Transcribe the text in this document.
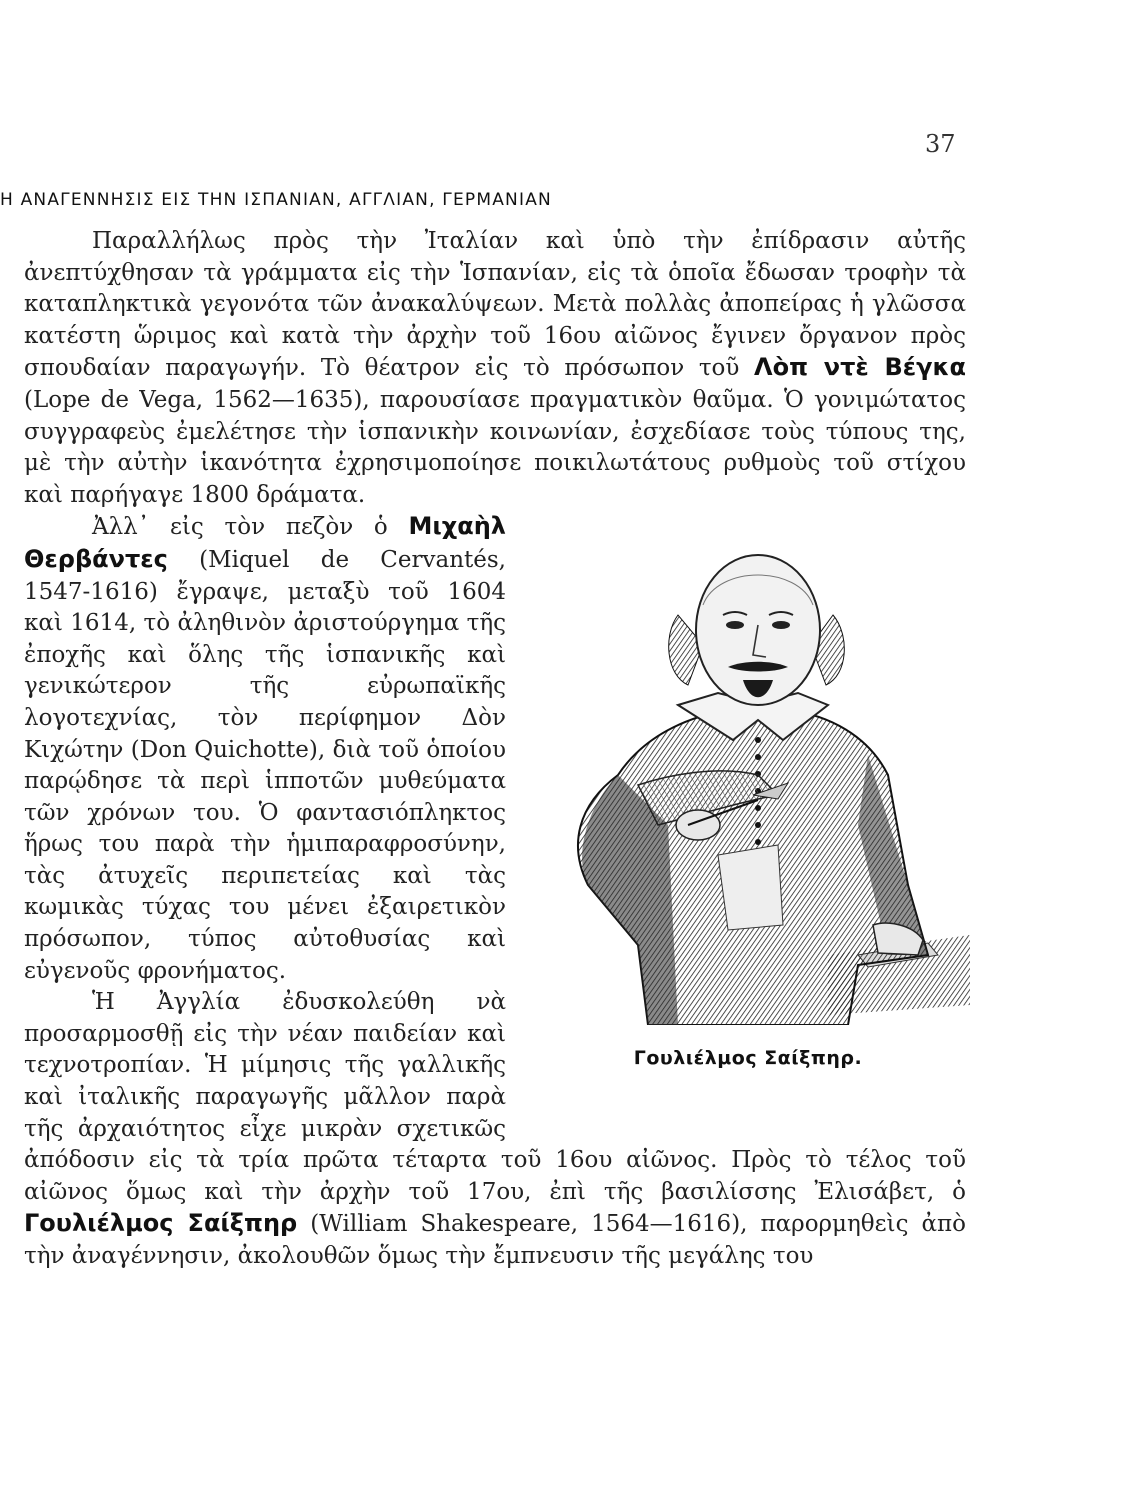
37
Η ΑΝΑΓΕΝΝΗΣΙΣ ΕΙΣ ΤΗΝ ΙΣΠΑΝΙΑΝ, ΑΓΓΛΙΑΝ, ΓΕΡΜΑΝΙΑΝ

Παραλλήλως πρὸς τὴν Ἰταλίαν καὶ ὑπὸ τὴν ἐπίδρασιν αὐτῆς ἀνεπτύχθησαν τὰ γράμματα εἰς τὴν Ἱσπανίαν, εἰς τὰ ὁποῖα ἔδωσαν τροφὴν τὰ καταπληκτικὰ γεγονότα τῶν ἀνακαλύψεων. Μετὰ πολλὰς ἀποπείρας ἡ γλῶσσα κατέστη ὥριμος καὶ κατὰ τὴν ἀρχὴν τοῦ 16ου αἰῶνος ἔγινεν ὄργανον πρὸς σπουδαίαν παραγωγήν. Τὸ θέατρον εἰς τὸ πρόσωπον τοῦ Λὸπ ντὲ Βέγκα (Lope de Vega, 1562—1635), παρουσίασε πραγματικὸν θαῦμα. Ὁ γονιμώτατος συγγραφεὺς ἐμελέτησε τὴν ἱσπανικὴν κοινωνίαν, ἐσχεδίασε τοὺς τύπους της, μὲ τὴν αὐτὴν ἱκανότητα ἐχρησιμοποίησε ποικιλωτάτους ρυθμοὺς τοῦ στίχου καὶ παρήγαγε 1800 δράματα.

Γουλιέλμος Σαίξπηρ.

Ἀλλ᾽ εἰς τὸν πεζὸν ὁ Μιχαὴλ Θερβάντες (Miquel de Cervantés, 1547-1616) ἔγραψε, μεταξὺ τοῦ 1604 καὶ 1614, τὸ ἀληθινὸν ἀριστούργημα τῆς ἐποχῆς καὶ ὅλης τῆς ἱσπανικῆς καὶ γενικώτερον τῆς εὐρωπαϊκῆς λογοτεχνίας, τὸν περίφημον Δὸν Κιχώτην (Don Quichotte), διὰ τοῦ ὁποίου παρῴδησε τὰ περὶ ἱπποτῶν μυθεύματα τῶν χρόνων του. Ὁ φαντασιόπληκτος ἥρως του παρὰ τὴν ἡμιπαραφροσύνην, τὰς ἀτυχεῖς περιπετείας καὶ τὰς κωμικὰς τύχας του μένει ἐξαιρετικὸν πρόσωπον, τύπος αὐτοθυσίας καὶ εὐγενοῦς φρονήματος.

Ἡ Ἀγγλία ἐδυσκολεύθη νὰ προσαρμοσθῇ εἰς τὴν νέαν παιδείαν καὶ τεχνοτροπίαν. Ἡ μίμησις τῆς γαλλικῆς καὶ ἰταλικῆς παραγωγῆς μᾶλλον παρὰ τῆς ἀρχαιότητος εἶχε μικρὰν σχετικῶς ἀπόδοσιν εἰς τὰ τρία πρῶτα τέταρτα τοῦ 16ου αἰῶνος. Πρὸς τὸ τέλος τοῦ αἰῶνος ὅμως καὶ τὴν ἀρχὴν τοῦ 17ου, ἐπὶ τῆς βασιλίσσης Ἐλισάβετ, ὁ Γουλιέλμος Σαίξπηρ (William Shakespeare, 1564—1616), παρορμηθεὶς ἀπὸ τὴν ἀναγέννησιν, ἀκολουθῶν ὅμως τὴν ἔμπνευσιν τῆς μεγάλης του
